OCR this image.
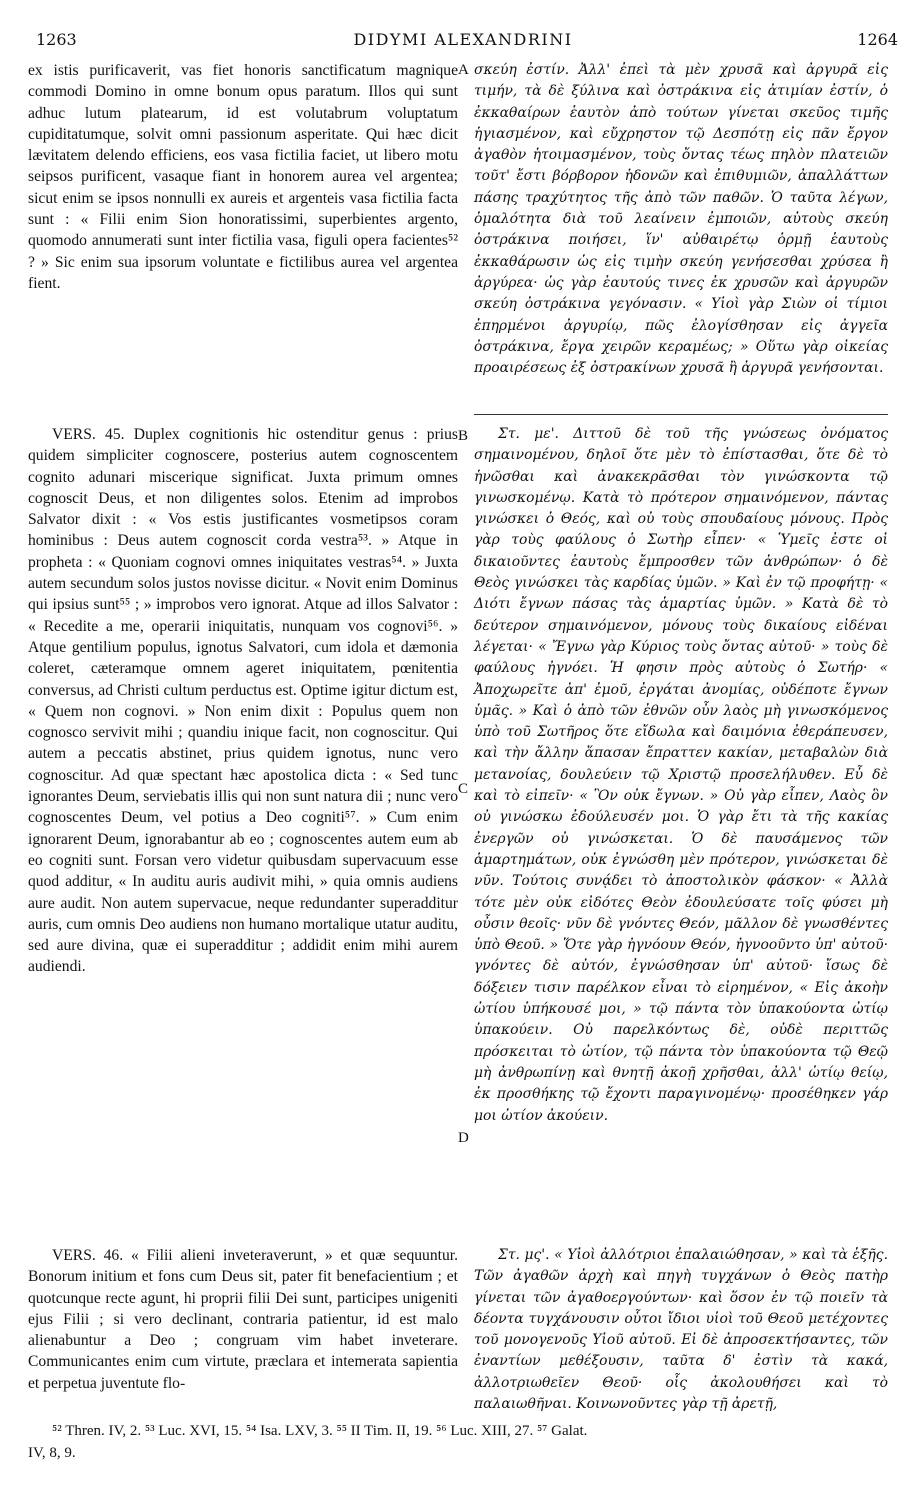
1263	DIDYMI ALEXANDRINI	1264

ex istis purificaverit, vas fiet honoris sanctificatum magnique commodi Domino in omne bonum opus paratum. Illos qui sunt adhuc lutum platearum, id est volutabrum voluptatum cupiditatumque, solvit omni passionum asperitate. Qui hæc dicit lævitatem delendo efficiens, eos vasa fictilia faciet, ut libero motu seipsos purificent, vasaque fiant in honorem aurea vel argentea; sicut enim se ipsos nonnulli ex aureis et argenteis vasa fictilia facta sunt : « Filii enim Sion honoratissimi, superbientes argento, quomodo annumerati sunt inter fictilia vasa, figuli opera facientes⁵² ? » Sic enim sua ipsorum voluntate e fictilibus aurea vel argentea fient.

σκεύη ἐστίν. Ἀλλ' ἐπεὶ τὰ μὲν χρυσᾶ καὶ ἀργυρᾶ εἰς τιμήν, τὰ δὲ ξύλινα καὶ ὀστράκινα εἰς ἀτιμίαν ἐστίν, ὁ ἐκκαθαίρων ἑαυτὸν ἀπὸ τούτων γίνεται σκεῦος τιμῆς ἡγιασμένον, καὶ εὔχρηστον τῷ Δεσπότῃ εἰς πᾶν ἔργον ἀγαθὸν ἡτοιμασμένον, τοὺς ὄντας τέως πηλὸν πλατειῶν τοῦτ' ἔστι βόρβορον ἡδονῶν καὶ ἐπιθυμιῶν, ἀπαλλάττων πάσης τραχύτητος τῆς ἀπὸ τῶν παθῶν. Ὁ ταῦτα λέγων, ὁμαλότητα διὰ τοῦ λεαίνειν ἐμποιῶν, αὐτοὺς σκεύη ὀστράκινα ποιήσει, ἵν' αὐθαιρέτῳ ὁρμῇ ἑαυτοὺς ἐκκαθάρωσιν ὡς εἰς τιμὴν σκεύη γενήσεσθαι χρύσεα ἢ ἀργύρεα· ὡς γὰρ ἑαυτούς τινες ἐκ χρυσῶν καὶ ἀργυρῶν σκεύη ὀστράκινα γεγόνασιν. « Υἱοὶ γὰρ Σιὼν οἱ τίμιοι ἐπηρμένοι ἀργυρίῳ, πῶς ἐλογίσθησαν εἰς ἀγγεῖα ὀστράκινα, ἔργα χειρῶν κεραμέως; » Οὕτω γὰρ οἰκείας προαιρέσεως ἐξ ὀστρακίνων χρυσᾶ ἢ ἀργυρᾶ γενήσονται.

A

VERS. 45. Duplex cognitionis hic ostenditur genus : prius quidem simpliciter cognoscere, posterius autem cognoscentem cognito adunari miscerique significat. Juxta primum omnes cognoscit Deus, et non diligentes solos. Etenim ad improbos Salvator dixit : « Vos estis justificantes vosmetipsos coram hominibus : Deus autem cognoscit corda vestra⁵³. » Atque in propheta : « Quoniam cognovi omnes iniquitates vestras⁵⁴. » Juxta autem secundum solos justos novisse dicitur. « Novit enim Dominus qui ipsius sunt⁵⁵ ; » improbos vero ignorat. Atque ad illos Salvator : « Recedite a me, operarii iniquitatis, nunquam vos cognovi⁵⁶. » Atque gentilium populus, ignotus Salvatori, cum idola et dæmonia coleret, cæteramque omnem ageret iniquitatem, pœnitentia conversus, ad Christi cultum perductus est. Optime igitur dictum est, « Quem non cognovi. » Non enim dixit : Populus quem non cognosco servivit mihi ; quandiu inique facit, non cognoscitur. Qui autem a peccatis abstinet, prius quidem ignotus, nunc vero cognoscitur. Ad quæ spectant hæc apostolica dicta : « Sed tunc ignorantes Deum, serviebatis illis qui non sunt natura dii ; nunc vero cognoscentes Deum, vel potius a Deo cogniti⁵⁷. » Cum enim ignorarent Deum, ignorabantur ab eo ; cognoscentes autem eum ab eo cogniti sunt. Forsan vero videtur quibusdam supervacuum esse quod additur, « In auditu auris audivit mihi, » quia omnis audiens aure audit. Non autem supervacue, neque redundanter superadditur auris, cum omnis Deo audiens non humano mortalique utatur auditu, sed aure divina, quæ ei superadditur ; addidit enim mihi aurem audiendi.

Στ. με'. Διττοῦ δὲ τοῦ τῆς γνώσεως ὀνόματος σημαινομένου, δηλοῖ ὅτε μὲν τὸ ἐπίστασθαι, ὅτε δὲ τὸ ἡνῶσθαι καὶ ἀνακεκρᾶσθαι τὸν γινώσκοντα τῷ γινωσκομένῳ. Κατὰ τὸ πρότερον σημαινόμενον, πάντας γινώσκει ὁ Θεός, καὶ οὐ τοὺς σπουδαίους μόνους. Πρὸς γὰρ τοὺς φαύλους ὁ Σωτὴρ εἶπεν· « Ὑμεῖς ἐστε οἱ δικαιοῦντες ἑαυτοὺς ἔμπροσθεν τῶν ἀνθρώπων· ὁ δὲ Θεὸς γινώσκει τὰς καρδίας ὑμῶν. » Καὶ ἐν τῷ προφήτῃ· « Διότι ἔγνων πάσας τὰς ἁμαρτίας ὑμῶν. » Κατὰ δὲ τὸ δεύτερον σημαινόμενον, μόνους τοὺς δικαίους εἰδέναι λέγεται· « Ἔγνω γὰρ Κύριος τοὺς ὄντας αὐτοῦ· » τοὺς δὲ φαύλους ἠγνόει. Ἡ φησιν πρὸς αὐτοὺς ὁ Σωτήρ· « Ἀποχωρεῖτε ἀπ' ἐμοῦ, ἐργάται ἀνομίας, οὐδέποτε ἔγνων ὑμᾶς. » Καὶ ὁ ἀπὸ τῶν ἐθνῶν οὖν λαὸς μὴ γινωσκόμενος ὑπὸ τοῦ Σωτῆρος ὅτε εἴδωλα καὶ δαιμόνια ἐθεράπευσεν, καὶ τὴν ἄλλην ἅπασαν ἔπραττεν κακίαν, μεταβαλὼν διὰ μετανοίας, δουλεύειν τῷ Χριστῷ προσελήλυθεν. Εὖ δὲ καὶ τὸ εἰπεῖν· « Ὃν οὐκ ἔγνων. » Οὐ γὰρ εἶπεν, Λαὸς ὃν οὐ γινώσκω ἐδούλευσέν μοι. Ὁ γὰρ ἔτι τὰ τῆς κακίας ἐνεργῶν οὐ γινώσκεται. Ὁ δὲ παυσάμενος τῶν ἁμαρτημάτων, οὐκ ἐγνώσθη μὲν πρότερον, γινώσκεται δὲ νῦν. Τούτοις συνᾴδει τὸ ἀποστολικὸν φάσκον· « Ἀλλὰ τότε μὲν οὐκ εἰδότες Θεὸν ἐδουλεύσατε τοῖς φύσει μὴ οὖσιν θεοῖς· νῦν δὲ γνόντες Θεόν, μᾶλλον δὲ γνωσθέντες ὑπὸ Θεοῦ. » Ὅτε γὰρ ἠγνόουν Θεόν, ἠγνοοῦντο ὑπ' αὐτοῦ· γνόντες δὲ αὐτόν, ἐγνώσθησαν ὑπ' αὐτοῦ· ἴσως δὲ δόξειεν τισιν παρέλκον εἶναι τὸ εἰρημένον, « Εἰς ἀκοὴν ὠτίου ὑπήκουσέ μοι, » τῷ πάντα τὸν ὑπακούοντα ὠτίῳ ὑπακούειν. Οὐ παρελκόντως δὲ, οὐδὲ περιττῶς πρόσκειται τὸ ὠτίον, τῷ πάντα τὸν ὑπακούοντα τῷ Θεῷ μὴ ἀνθρωπίνῃ καὶ θνητῇ ἀκοῇ χρῆσθαι, ἀλλ' ὠτίῳ θείῳ, ἐκ προσθήκης τῷ ἔχοντι παραγινομένῳ· προσέθηκεν γάρ μοι ὠτίον ἀκούειν.

B
C
D

VERS. 46. « Filii alieni inveteraverunt, » et quæ sequuntur. Bonorum initium et fons cum Deus sit, pater fit benefacientium ; et quotcunque recte agunt, hi proprii filii Dei sunt, participes unigeniti ejus Filii ; si vero declinant, contraria patientur, id est malo alienabuntur a Deo ; congruam vim habet inveterare. Communicantes enim cum virtute, præclara et intemerata sapientia et perpetua juventute flo-

Στ. μς'. « Υἱοὶ ἀλλότριοι ἐπαλαιώθησαν, » καὶ τὰ ἑξῆς. Τῶν ἀγαθῶν ἀρχὴ καὶ πηγὴ τυγχάνων ὁ Θεὸς πατὴρ γίνεται τῶν ἀγαθοεργούντων· καὶ ὅσον ἐν τῷ ποιεῖν τὰ δέοντα τυγχάνουσιν οὗτοι ἴδιοι υἱοὶ τοῦ Θεοῦ μετέχοντες τοῦ μονογενοῦς Υἱοῦ αὐτοῦ. Εἰ δὲ ἀπροσεκτήσαντες, τῶν ἐναντίων μεθέξουσιν, ταῦτα δ' ἐστὶν τὰ κακά, ἀλλοτριωθεῖεν Θεοῦ· οἷς ἀκολουθήσει καὶ τὸ παλαιωθῆναι. Κοινωνοῦντες γὰρ τῇ ἀρετῇ,

⁵² Thren. IV, 2. ⁵³ Luc. XVI, 15. ⁵⁴ Isa. LXV, 3. ⁵⁵ II Tim. II, 19. ⁵⁶ Luc. XIII, 27. ⁵⁷ Galat.

IV, 8, 9.
